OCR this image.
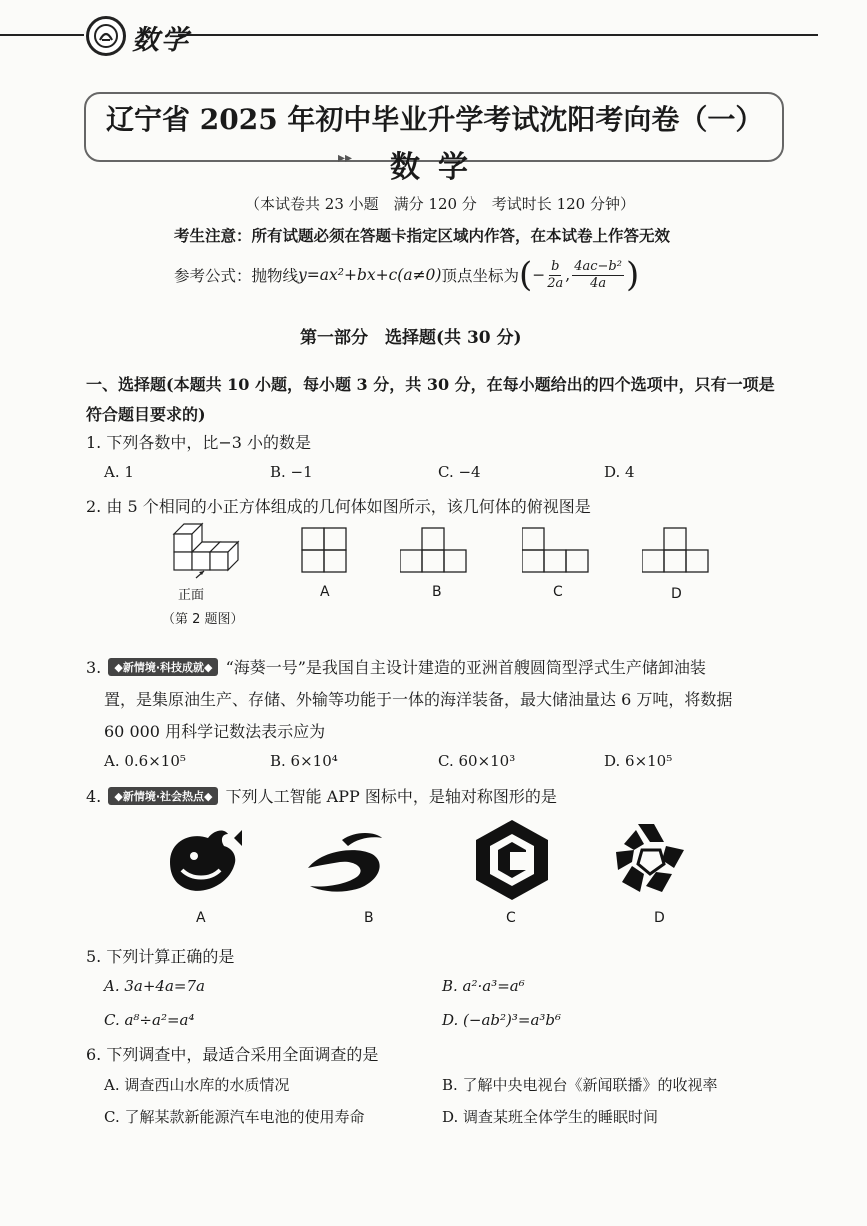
数学
辽宁省 2025 年初中毕业升学考试沈阳考向卷（一）
▸▸ 数学
（本试卷共 23 小题　满分 120 分　考试时长 120 分钟）
考生注意：所有试题必须在答题卡指定区域内作答，在本试卷上作答无效
参考公式：抛物线 y=ax²+bx+c(a≠0) 顶点坐标为 ( − $\frac{b}{2a}$ , $\frac{\text{4ac−b²}}{4a}$ )
第一部分　选择题(共 30 分)
一、选择题(本题共 10 小题，每小题 3 分，共 30 分，在每小题给出的四个选项中，只有一项是符合题目要求的)
1. 下列各数中，比−3 小的数是
A. 1	B. −1	C. −4	D. 4
2. 由 5 个相同的小正方体组成的几何体如图所示，该几何体的俯视图是
正面
（第 2 题图）
A	B	C	D
3. ◆新情境·科技成就◆ “海葵一号”是我国自主设计建造的亚洲首艘圆筒型浮式生产储卸油装
置，是集原油生产、存储、外输等功能于一体的海洋装备，最大储油量达 6 万吨，将数据
60 000 用科学记数法表示应为
A. 0.6×10⁵	B. 6×10⁴	C. 60×10³	D. 6×10⁵
4. ◆新情境·社会热点◆ 下列人工智能 APP 图标中，是轴对称图形的是
A	B	C	D
5. 下列计算正确的是
A. 3a+4a=7a	B. a²·a³=a⁶
C. a⁸÷a²=a⁴	D. (−ab²)³=a³b⁶
6. 下列调查中，最适合采用全面调查的是
A. 调查西山水库的水质情况	B. 了解中央电视台《新闻联播》的收视率
C. 了解某款新能源汽车电池的使用寿命	D. 调查某班全体学生的睡眠时间
